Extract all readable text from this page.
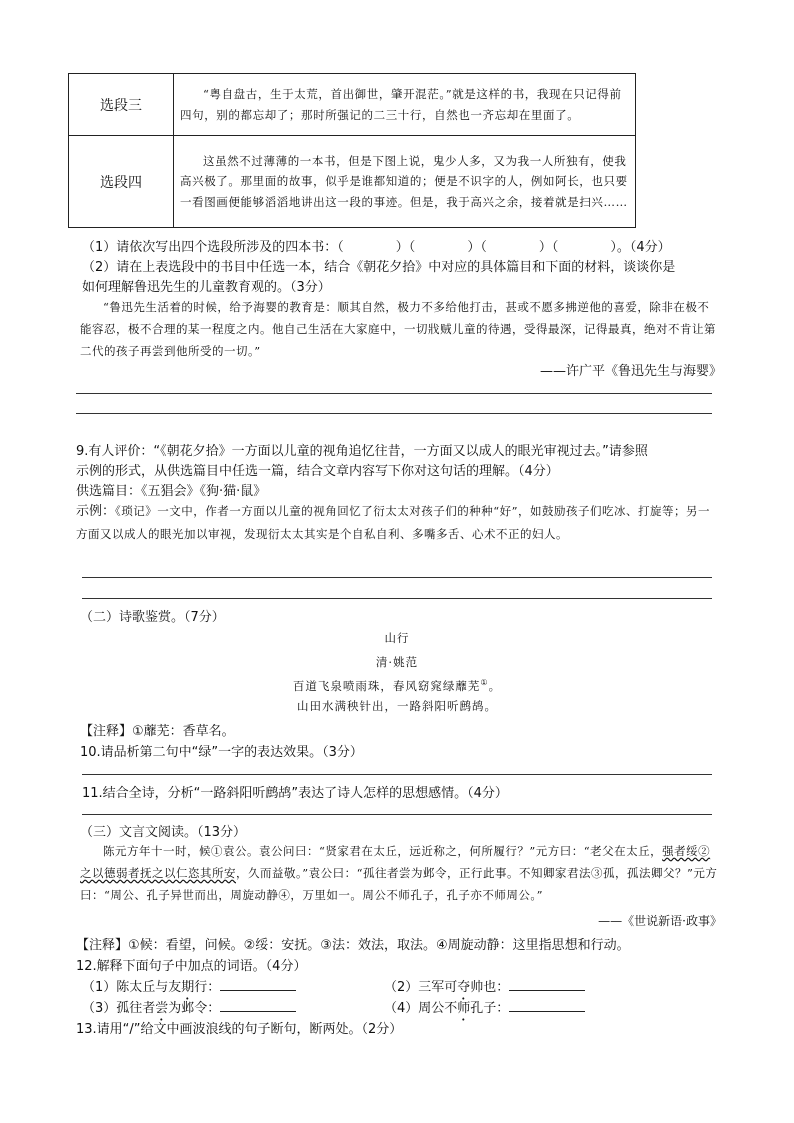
选段三	“粤自盘古，生于太荒，首出御世，肇开混茫。”就是这样的书，我现在只记得前四句，别的都忘却了；那时所强记的二三十行，自然也一齐忘却在里面了。
选段四	这虽然不过薄薄的一本书，但是下图上说，鬼少人多，又为我一人所独有，使我高兴极了。那里面的故事，似乎是谁都知道的；便是不识字的人，例如阿长，也只要一看图画便能够滔滔地讲出这一段的事迹。但是，我于高兴之余，接着就是扫兴……
（1）请依次写出四个选段所涉及的四本书：（	）（	）（	）（	）。（4分）
（2）请在上表选段中的书目中任选一本，结合《朝花夕拾》中对应的具体篇目和下面的材料，谈谈你是
如何理解鲁迅先生的儿童教育观的。（3分）
“鲁迅先生活着的时候，给予海婴的教育是：顺其自然，极力不多给他打击，甚或不愿多拂逆他的喜爱，除非在极不能容忍，极不合理的某一程度之内。他自己生活在大家庭中，一切戕贼儿童的待遇，受得最深，记得最真，绝对不肯让第二代的孩子再尝到他所受的一切。”
——许广平《鲁迅先生与海婴》
9.有人评价：“《朝花夕拾》一方面以儿童的视角追忆往昔，一方面又以成人的眼光审视过去。”请参照
示例的形式，从供选篇目中任选一篇，结合文章内容写下你对这句话的理解。（4分）
供选篇目：《五猖会》《狗·猫·鼠》
示例：《琐记》一文中，作者一方面以儿童的视角回忆了衍太太对孩子们的种种“好”，如鼓励孩子们吃冰、打旋等；另一方面又以成人的眼光加以审视，发现衍太太其实是个自私自利、多嘴多舌、心术不正的妇人。
（二）诗歌鉴赏。（7分）
山行
清·姚范
百道飞泉喷雨珠，春风窈窕绿蘼芜①。
山田水满秧针出，一路斜阳听鹧鸪。
【注释】①蘼芜：香草名。
10.请品析第二句中“绿”一字的表达效果。（3分）
11.结合全诗，分析“一路斜阳听鹧鸪”表达了诗人怎样的思想感情。（4分）
（三）文言文阅读。（13分）
陈元方年十一时，候①袁公。袁公问曰：“贤家君在太丘，远近称之，何所履行？”元方曰：“老父在太丘，强者绥②之以德弱者抚之以仁恣其所安，久而益敬。”袁公曰：“孤往者尝为邺令，正行此事。不知卿家君法③孤，孤法卿父？”元方曰：“周公、孔子异世而出，周旋动静④，万里如一。周公不师孔子，孔子亦不师周公。”
——《世说新语·政事》
【注释】①候：看望，问候。②绥：安抚。③法：效法，取法。④周旋动静：这里指思想和行动。
12.解释下面句子中加点的词语。（4分）
（1）陈太丘与友期行：	（2）三军可夺帅也：
（3）孤往者尝为邺令：	（4）周公不师孔子：
13.请用“/”给文中画波浪线的句子断句，断两处。（2分）
